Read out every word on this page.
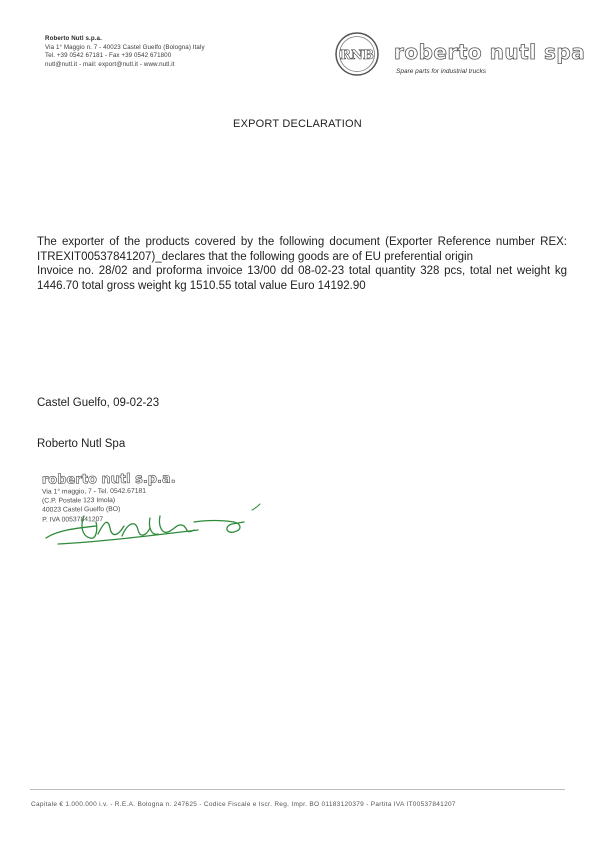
Roberto Nutl s.p.a.
Via 1° Maggio n. 7 - 40023 Castel Guelfo (Bologna) Italy
Tel. +39 0542 67181 - Fax +39 0542 671800
nutl@nutl.it - mail: export@nutl.it - www.nutl.it
RNB roberto nutl spa
Spare parts for industrial trucks
EXPORT DECLARATION

The exporter of the products covered by the following document (Exporter Reference number REX: ITREXIT00537841207)_declares that the following goods are of EU preferential origin

Invoice no. 28/02 and proforma invoice 13/00 dd 08-02-23 total quantity 328 pcs, total net weight kg 1446.70 total gross weight kg 1510.55 total value Euro 14192.90

Castel Guelfo, 09-02-23
Roberto Nutl Spa
roberto nutl s.p.a.
Via 1° maggio, 7 - Tel. 0542.67181
(C.P. Postale 123 Imola)
40023 Castel Guelfo (BO)
P. IVA 00537841207
Capitale € 1.000.000 i.v. - R.E.A. Bologna n. 247625 - Codice Fiscale e Iscr. Reg. Impr. BO 01183120379 - Partita IVA IT00537841207
